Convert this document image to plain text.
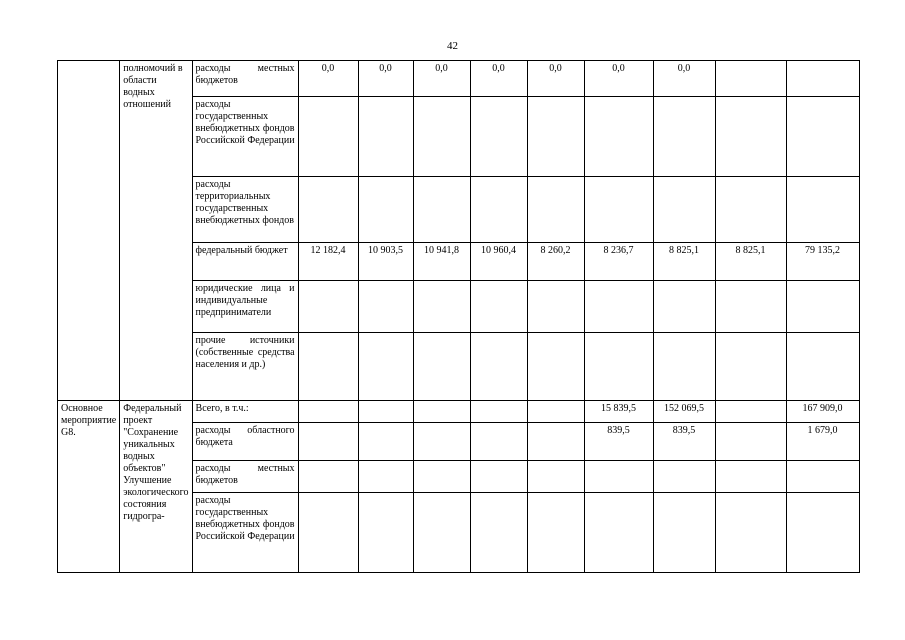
42
	полномочий в области водных отношений	расходы местных бюджетов	0,0	0,0	0,0	0,0	0,0	0,0	0,0		
		расходы государственных внебюджетных фондов Российской Федерации									
		расходы территориальных государственных внебюджетных фондов									
		федеральный бюджет	12 182,4	10 903,5	10 941,8	10 960,4	8 260,2	8 236,7	8 825,1	8 825,1	79 135,2
		юридические лица и индивидуальные предприниматели									
		прочие источники (собственные средства населения и др.)									
Основное мероприятие G8.	Федеральный проект "Сохранение уникальных водных объектов" Улучшение экологического состояния гидрогра-	Всего, в т.ч.:						15 839,5	152 069,5		167 909,0
		расходы областного бюджета						839,5	839,5		1 679,0
		расходы местных бюджетов									
		расходы государственных внебюджетных фондов Российской Федерации									
